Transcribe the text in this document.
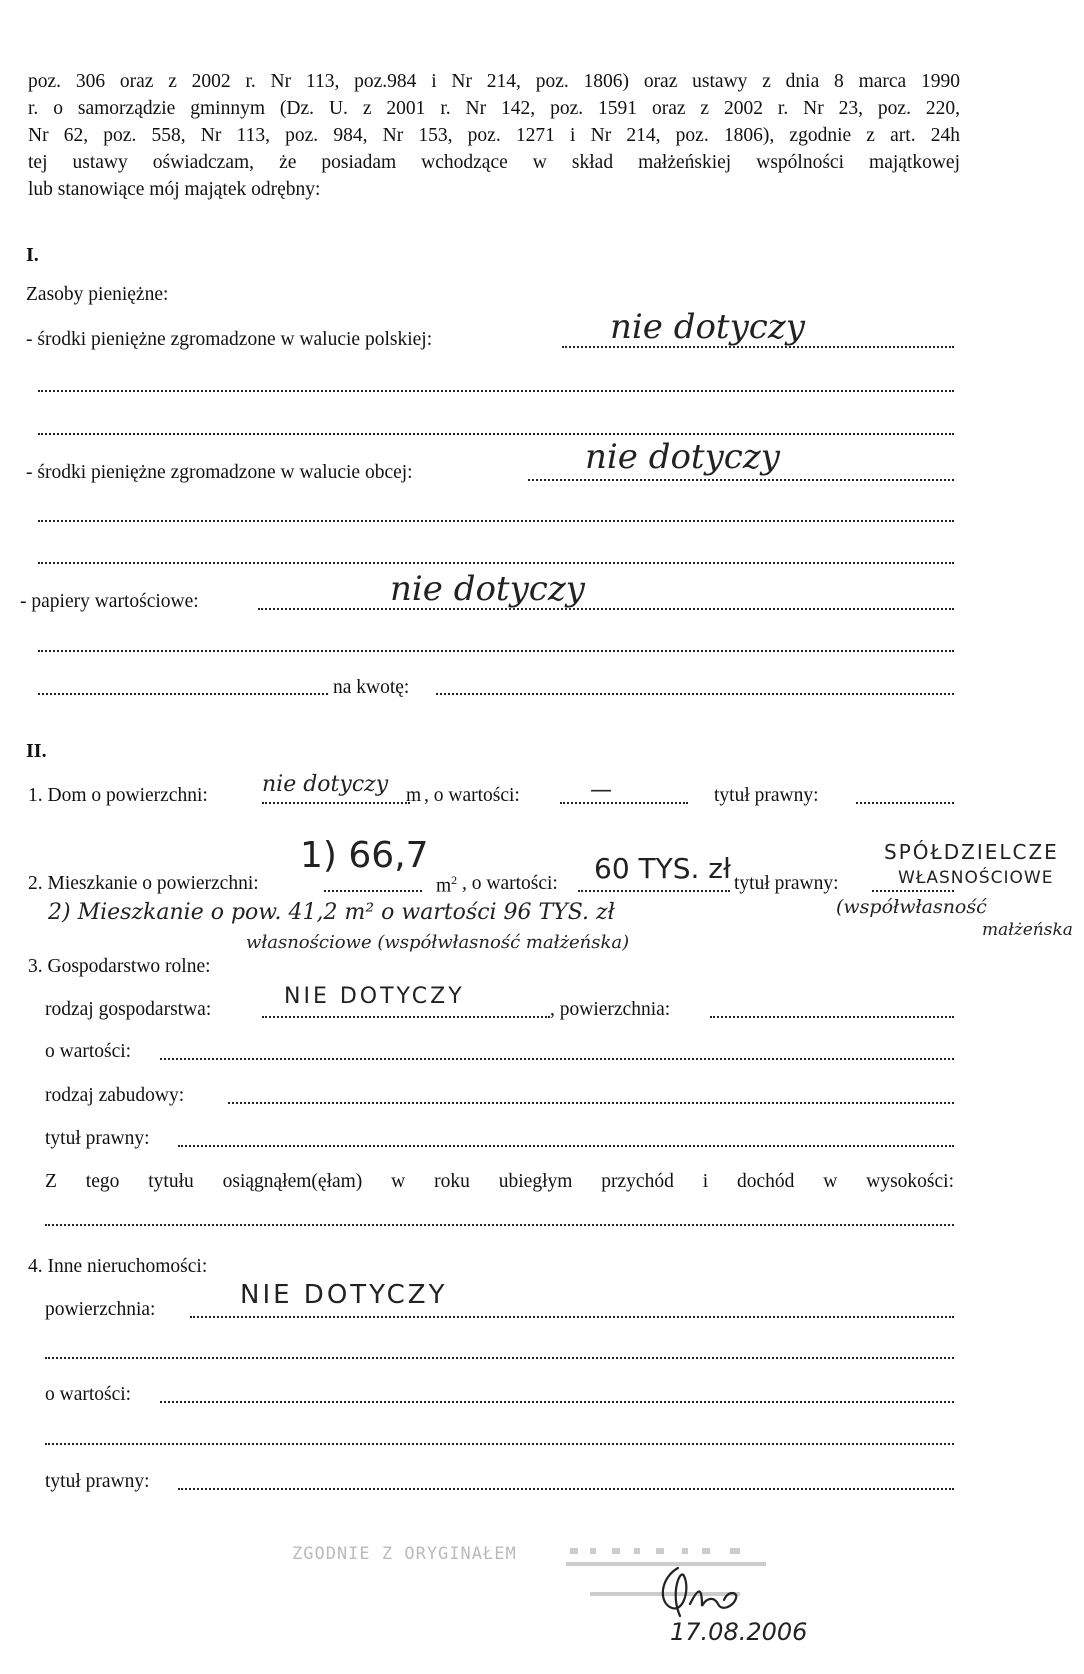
poz. 306 oraz z 2002 r. Nr 113, poz.984 i Nr 214, poz. 1806) oraz ustawy z dnia 8 marca 1990
r. o samorządzie gminnym (Dz. U. z 2001 r. Nr 142, poz. 1591 oraz z 2002 r. Nr 23, poz. 220,
Nr 62, poz. 558, Nr 113, poz. 984, Nr 153, poz. 1271 i Nr 214, poz. 1806), zgodnie z art. 24h
tej ustawy oświadczam, że posiadam wchodzące w skład małżeńskiej wspólności majątkowej
lub stanowiące mój majątek odrębny:
I.
Zasoby pieniężne:
- środki pieniężne zgromadzone w walucie polskiej:	nie dotyczy
- środki pieniężne zgromadzone w walucie obcej:	nie dotyczy
- papiery wartościowe:	nie dotyczy
na kwotę:
II.
1. Dom o powierzchni: nie dotyczy m , o wartości:	—	tytuł prawny:
2. Mieszkanie o powierzchni:
1) 66,7
$m^2$ , o wartości: 60 TYS. zł tytuł prawny:
SPÓŁDZIELCZE
WŁASNOŚCIOWE
2) Mieszkanie o pow. 41,2 m² o wartości 96 TYS. zł	(współwłasność
małżeńska
własnościowe (współwłasność małżeńska)
3. Gospodarstwo rolne:
rodzaj gospodarstwa:
NIE DOTYCZY
, powierzchnia:
o wartości:
rodzaj zabudowy:
tytuł prawny:
Z tego tytułu osiągnąłem(ęłam) w roku ubiegłym przychód i dochód w wysokości:
4. Inne nieruchomości:
powierzchnia:	NIE DOTYCZY
o wartości:
tytuł prawny:
ZGODNIE Z ORYGINAŁEM
17.08.2006
